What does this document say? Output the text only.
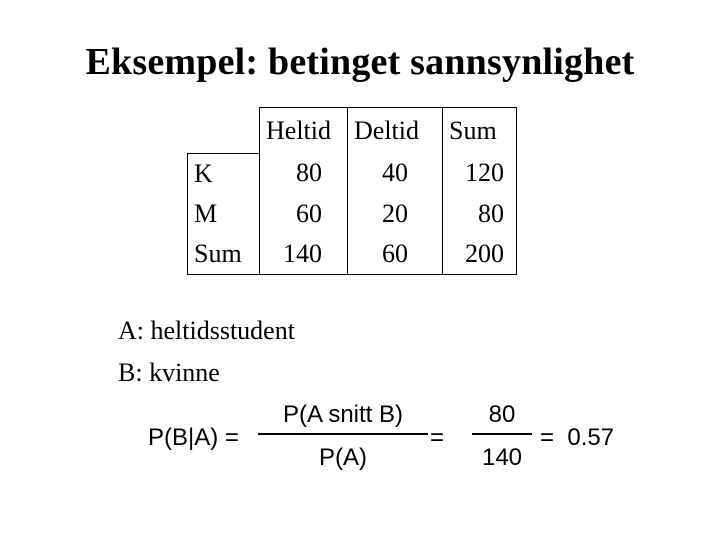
Eksempel: betinget sannsynlighet
	Heltid	Deltid	Sum
K	80	40	120
M	60	20	80
Sum	140	60	200
A: heltidsstudent
B: kvinne
P(B|A) =
P(A snitt B)
P(A)
=
80
140
=  0.57
